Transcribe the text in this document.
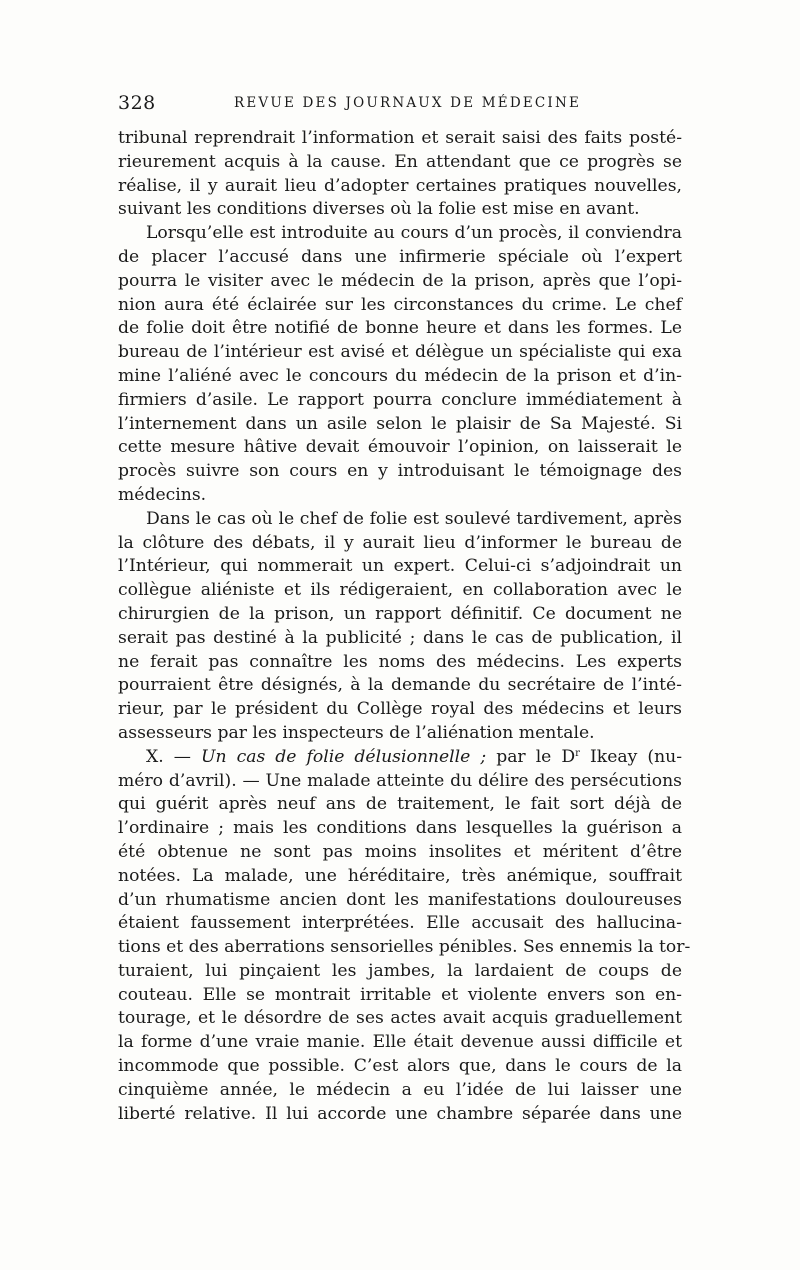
328	REVUE DES JOURNAUX DE MÉDECINE
tribunal reprendrait l’information et serait saisi des faits posté-
rieurement acquis à la cause. En attendant que ce progrès se
réalise, il y aurait lieu d’adopter certaines pratiques nouvelles,
suivant les conditions diverses où la folie est mise en avant.
Lorsqu’elle est introduite au cours d’un procès, il conviendra
de placer l’accusé dans une infirmerie spéciale où l’expert
pourra le visiter avec le médecin de la prison, après que l’opi-
nion aura été éclairée sur les circonstances du crime. Le chef
de folie doit être notifié de bonne heure et dans les formes. Le
bureau de l’intérieur est avisé et délègue un spécialiste qui exa
mine l’aliéné avec le concours du médecin de la prison et d’in-
firmiers d’asile. Le rapport pourra conclure immédiatement à
l’internement dans un asile selon le plaisir de Sa Majesté. Si
cette mesure hâtive devait émouvoir l’opinion, on laisserait le
procès suivre son cours en y introduisant le témoignage des
médecins.
Dans le cas où le chef de folie est soulevé tardivement, après
la clôture des débats, il y aurait lieu d’informer le bureau de
l’Intérieur, qui nommerait un expert. Celui-ci s’adjoindrait un
collègue aliéniste et ils rédigeraient, en collaboration avec le
chirurgien de la prison, un rapport définitif. Ce document ne
serait pas destiné à la publicité ; dans le cas de publication, il
ne ferait pas connaître les noms des médecins. Les experts
pourraient être désignés, à la demande du secrétaire de l’inté-
rieur, par le président du Collège royal des médecins et leurs
assesseurs par les inspecteurs de l’aliénation mentale.
X. — Un cas de folie délusionnelle ; par le $D^r$ Ikeay (nu-
méro d’avril). — Une malade atteinte du délire des persécutions
qui guérit après neuf ans de traitement, le fait sort déjà de
l’ordinaire ; mais les conditions dans lesquelles la guérison a
été obtenue ne sont pas moins insolites et méritent d’être
notées. La malade, une héréditaire, très anémique, souffrait
d’un rhumatisme ancien dont les manifestations douloureuses
étaient faussement interprétées. Elle accusait des hallucina-
tions et des aberrations sensorielles pénibles. Ses ennemis la tor-
turaient, lui pinçaient les jambes, la lardaient de coups de
couteau. Elle se montrait irritable et violente envers son en-
tourage, et le désordre de ses actes avait acquis graduellement
la forme d’une vraie manie. Elle était devenue aussi difficile et
incommode que possible. C’est alors que, dans le cours de la
cinquième année, le médecin a eu l’idée de lui laisser une
liberté relative. Il lui accorde une chambre séparée dans une
